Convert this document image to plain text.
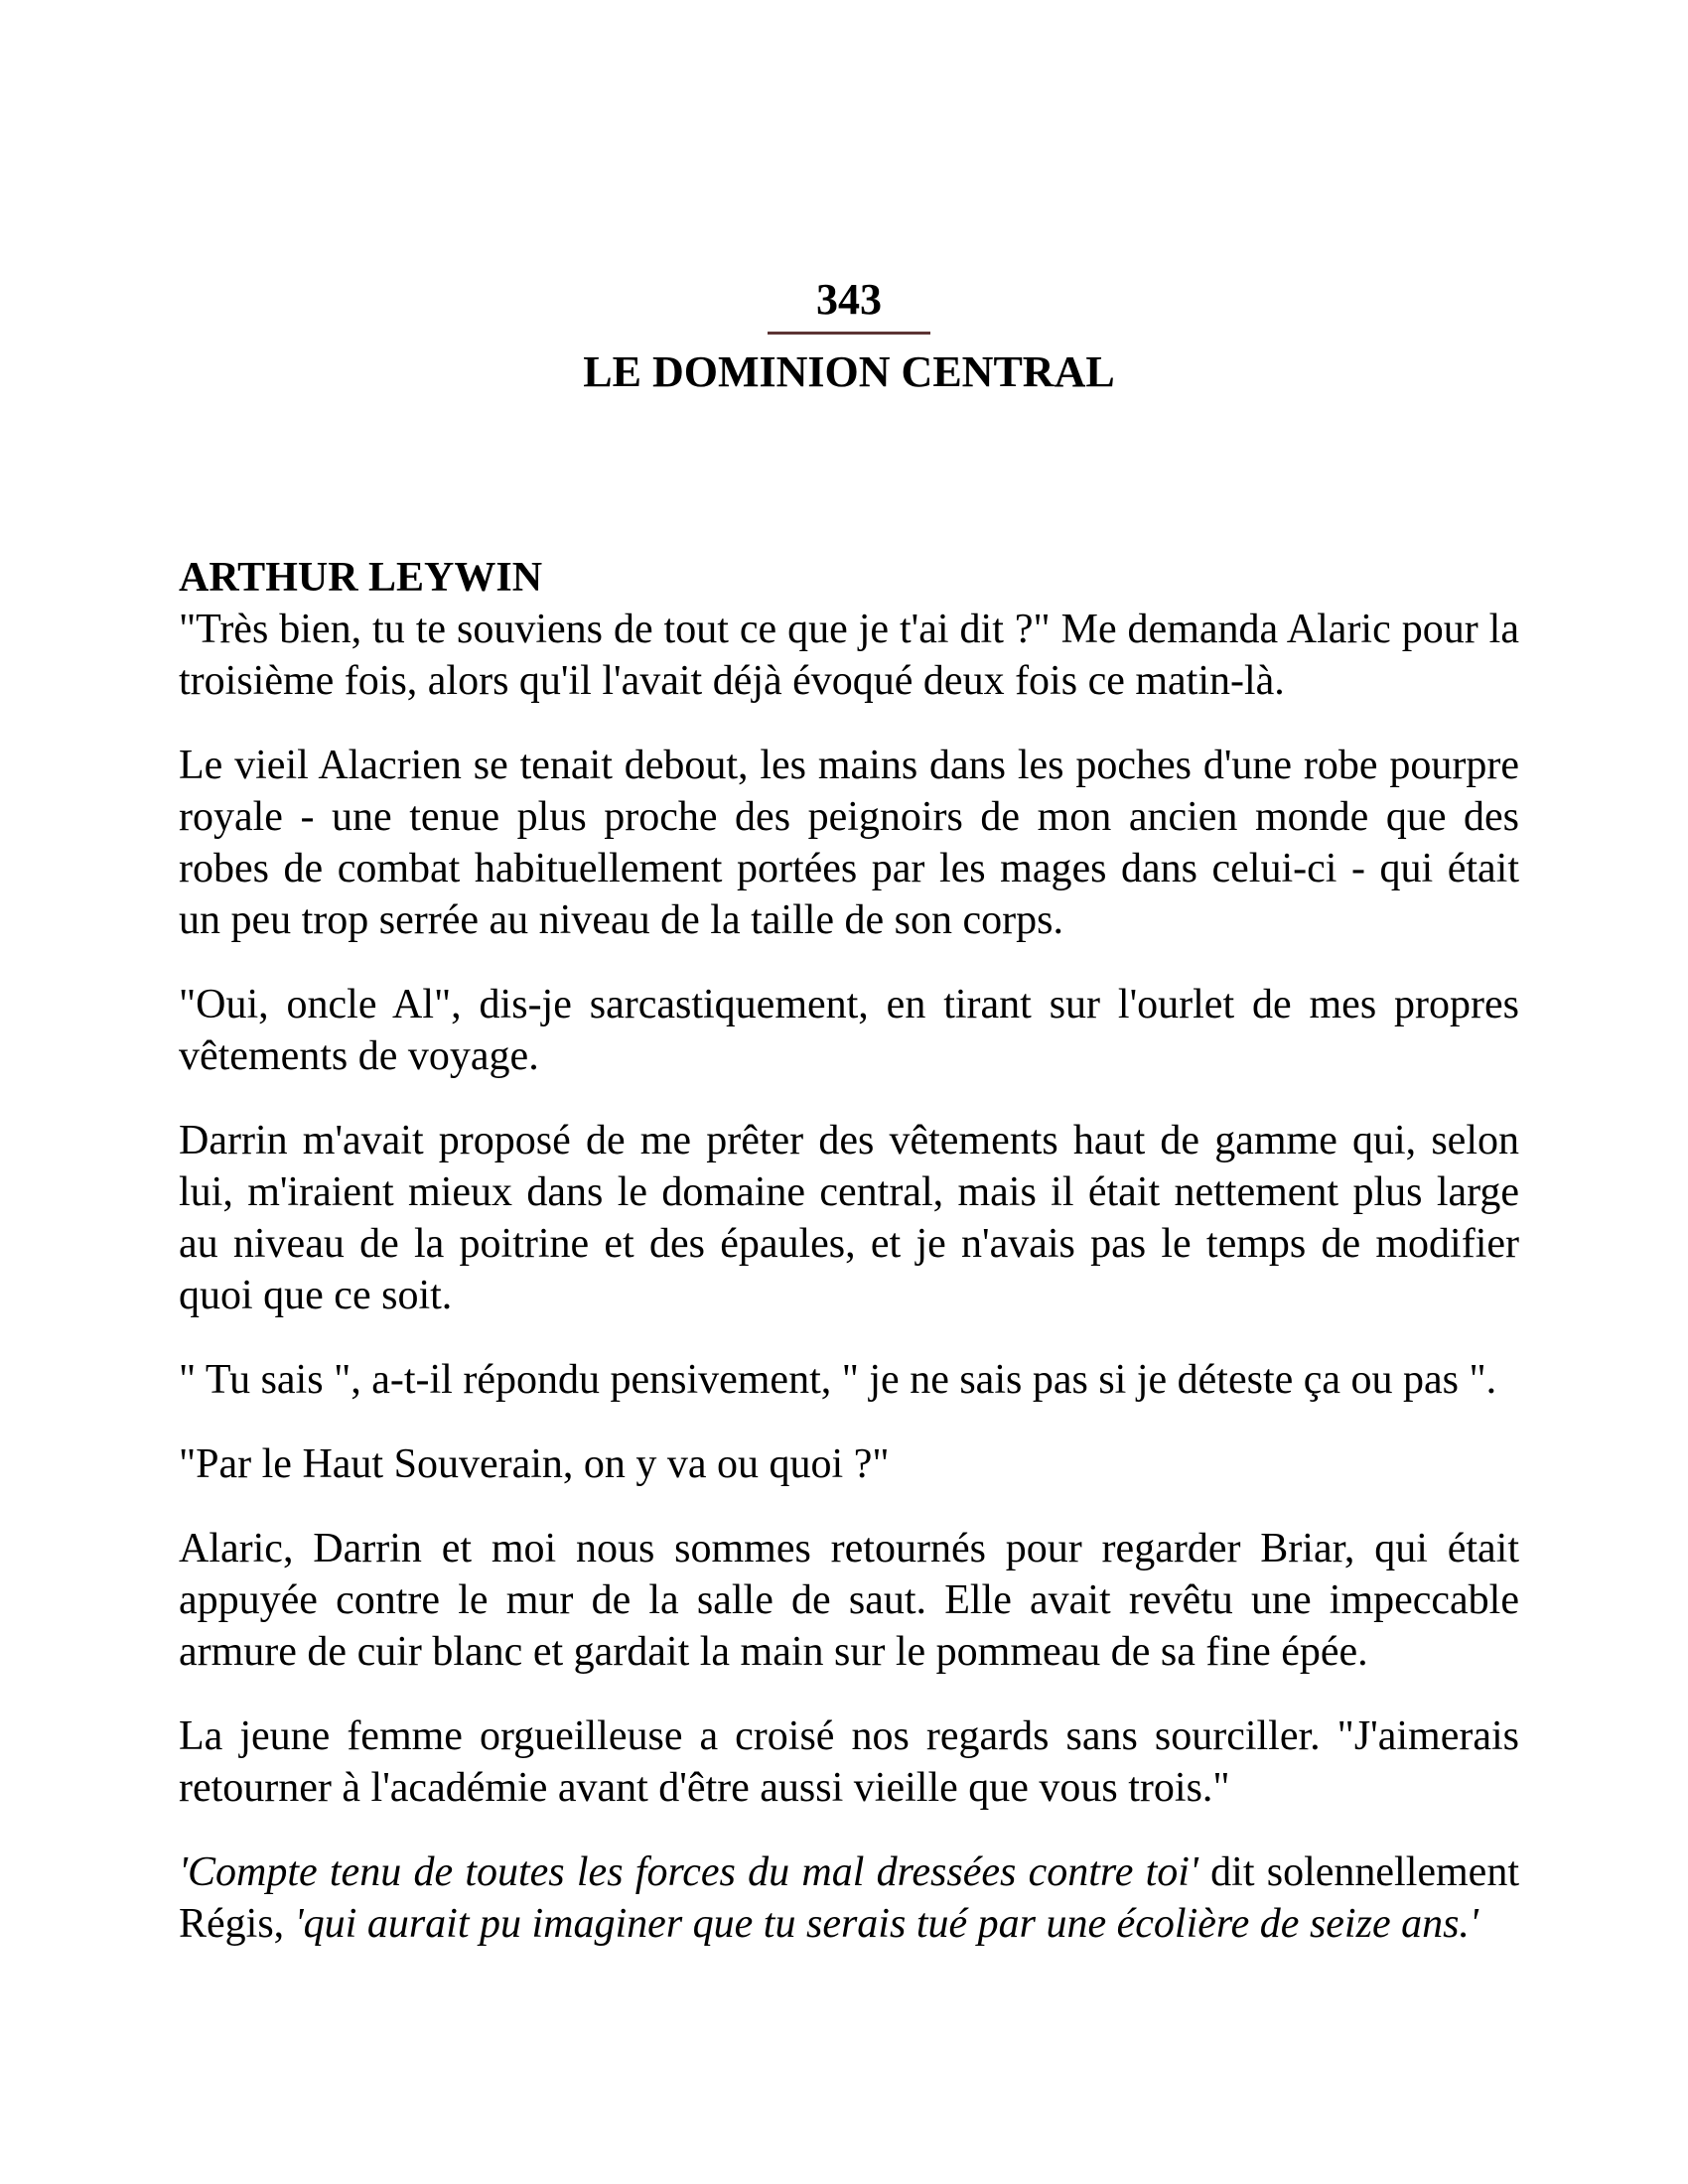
343
LE DOMINION CENTRAL
ARTHUR LEYWIN

"Très bien, tu te souviens de tout ce que je t'ai dit ?" Me demanda Alaric pour la troisième fois, alors qu'il l'avait déjà évoqué deux fois ce matin-là.

Le vieil Alacrien se tenait debout, les mains dans les poches d'une robe pourpre royale - une tenue plus proche des peignoirs de mon ancien monde que des robes de combat habituellement portées par les mages dans celui-ci - qui était un peu trop serrée au niveau de la taille de son corps.

"Oui, oncle Al", dis-je sarcastiquement, en tirant sur l'ourlet de mes propres vêtements de voyage.

Darrin m'avait proposé de me prêter des vêtements haut de gamme qui, selon lui, m'iraient mieux dans le domaine central, mais il était nettement plus large au niveau de la poitrine et des épaules, et je n'avais pas le temps de modifier quoi que ce soit.

" Tu sais ", a-t-il répondu pensivement, " je ne sais pas si je déteste ça ou pas ".

"Par le Haut Souverain, on y va ou quoi ?"

Alaric, Darrin et moi nous sommes retournés pour regarder Briar, qui était appuyée contre le mur de la salle de saut. Elle avait revêtu une impeccable armure de cuir blanc et gardait la main sur le pommeau de sa fine épée.

La jeune femme orgueilleuse a croisé nos regards sans sourciller. "J'aimerais retourner à l'académie avant d'être aussi vieille que vous trois."

'Compte tenu de toutes les forces du mal dressées contre toi' dit solennellement Régis, 'qui aurait pu imaginer que tu serais tué par une écolière de seize ans.'
